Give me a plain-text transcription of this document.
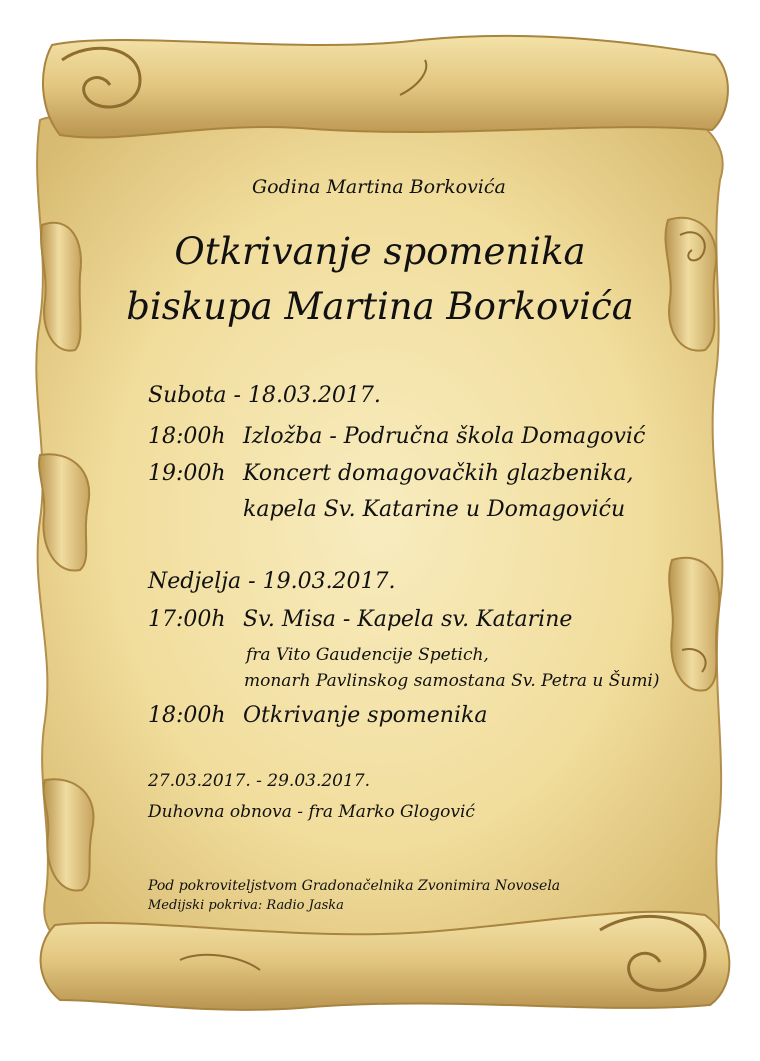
Godina Martina Borkovića
Otkrivanje spomenika
biskupa Martina Borkovića
Subota - 18.03.2017.
18:00h Izložba - Područna škola Domagović
19:00h Koncert domagovačkih glazbenika,
kapela Sv. Katarine u Domagoviću
Nedjelja - 19.03.2017.
17:00h Sv. Misa - Kapela sv. Katarine
fra Vito Gaudencije Spetich,
monarh Pavlinskog samostana Sv. Petra u Šumi)
18:00h Otkrivanje spomenika
27.03.2017. - 29.03.2017.
Duhovna obnova - fra Marko Glogović
Pod pokroviteljstvom Gradonačelnika Zvonimira Novosela
Medijski pokriva: Radio Jaska
